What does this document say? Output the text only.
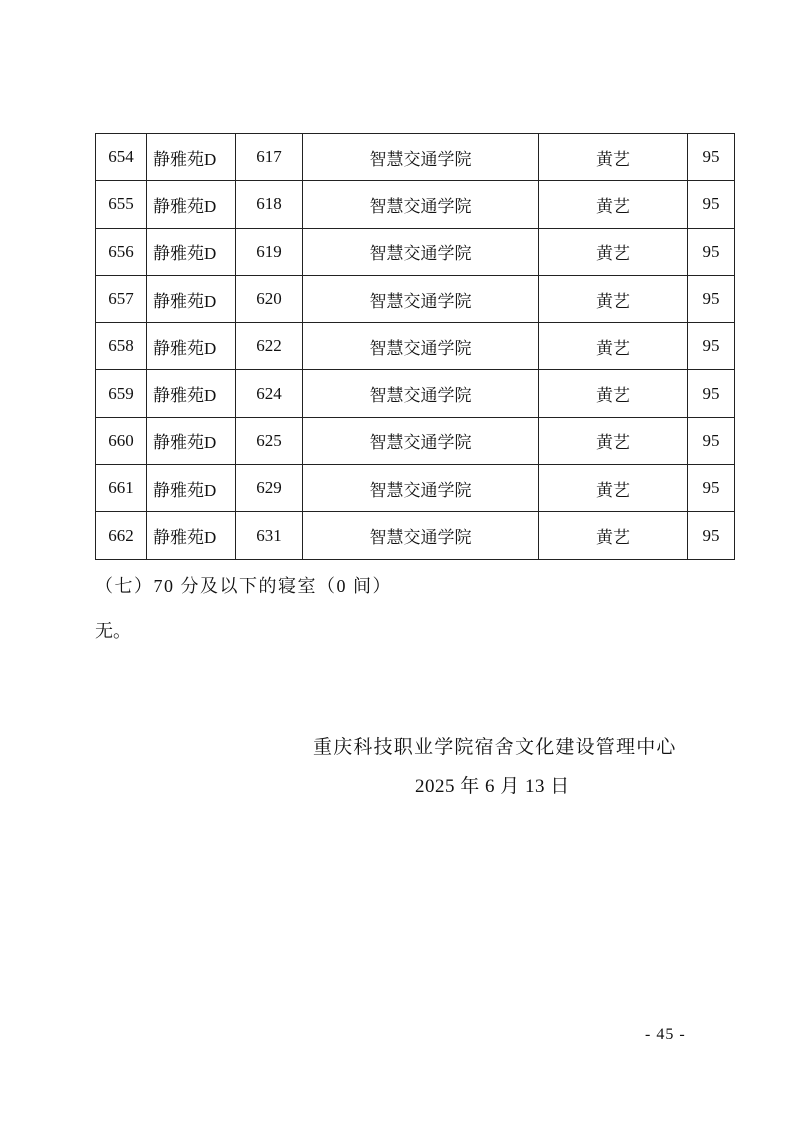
654	静雅苑D	617	智慧交通学院	黄艺	95
655	静雅苑D	618	智慧交通学院	黄艺	95
656	静雅苑D	619	智慧交通学院	黄艺	95
657	静雅苑D	620	智慧交通学院	黄艺	95
658	静雅苑D	622	智慧交通学院	黄艺	95
659	静雅苑D	624	智慧交通学院	黄艺	95
660	静雅苑D	625	智慧交通学院	黄艺	95
661	静雅苑D	629	智慧交通学院	黄艺	95
662	静雅苑D	631	智慧交通学院	黄艺	95
（七）70 分及以下的寝室（0 间）
无。
重庆科技职业学院宿舍文化建设管理中心
2025 年 6 月 13 日
- 45 -
